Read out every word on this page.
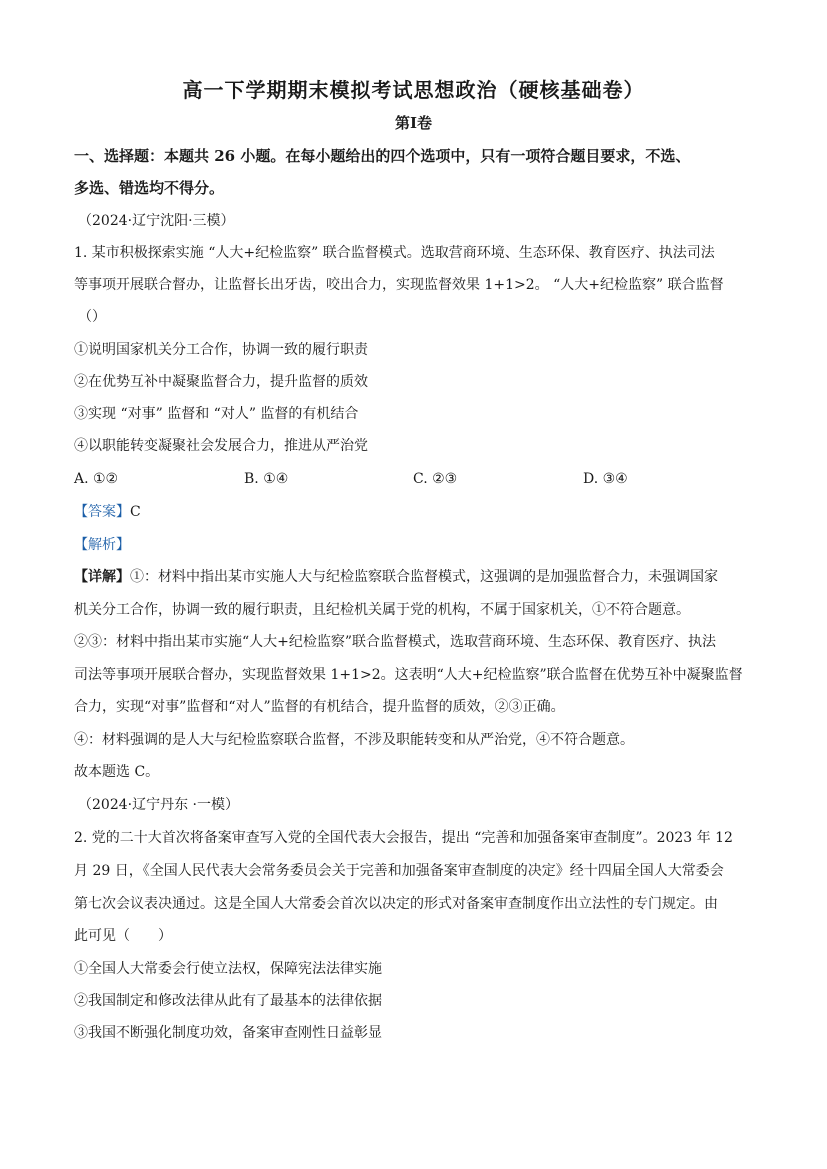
高一下学期期末模拟考试思想政治（硬核基础卷）
第Ⅰ卷
一、选择题：本题共 26 小题。在每小题给出的四个选项中，只有一项符合题目要求，不选、
多选、错选均不得分。
（2024·辽宁沈阳·三模）
1. 某市积极探索实施 “人大+纪检监察” 联合监督模式。选取营商环境、生态环保、教育医疗、执法司法
等事项开展联合督办，让监督长出牙齿，咬出合力，实现监督效果 1+1>2。 “人大+纪检监察” 联合监督
（）
①说明国家机关分工合作，协调一致的履行职责
②在优势互补中凝聚监督合力，提升监督的质效
③实现 “对事” 监督和 “对人” 监督的有机结合
④以职能转变凝聚社会发展合力，推进从严治党
A. ①②	B. ①④	C. ②③	D. ③④
【答案】C
【解析】
【详解】①：材料中指出某市实施人大与纪检监察联合监督模式，这强调的是加强监督合力，未强调国家
机关分工合作，协调一致的履行职责，且纪检机关属于党的机构，不属于国家机关，①不符合题意。
②③：材料中指出某市实施“人大+纪检监察”联合监督模式，选取营商环境、生态环保、教育医疗、执法
司法等事项开展联合督办，实现监督效果 1+1>2。这表明“人大+纪检监察”联合监督在优势互补中凝聚监督
合力，实现“对事”监督和“对人”监督的有机结合，提升监督的质效，②③正确。
④：材料强调的是人大与纪检监察联合监督，不涉及职能转变和从严治党，④不符合题意。
故本题选 C。
（2024·辽宁丹东 ·一模）
2. 党的二十大首次将备案审查写入党的全国代表大会报告，提出 “完善和加强备案审查制度”。2023 年 12
月 29 日，《全国人民代表大会常务委员会关于完善和加强备案审查制度的决定》经十四届全国人大常委会
第七次会议表决通过。这是全国人大常委会首次以决定的形式对备案审查制度作出立法性的专门规定。由
此可见（　　）
①全国人大常委会行使立法权，保障宪法法律实施
②我国制定和修改法律从此有了最基本的法律依据
③我国不断强化制度功效，备案审查刚性日益彰显
